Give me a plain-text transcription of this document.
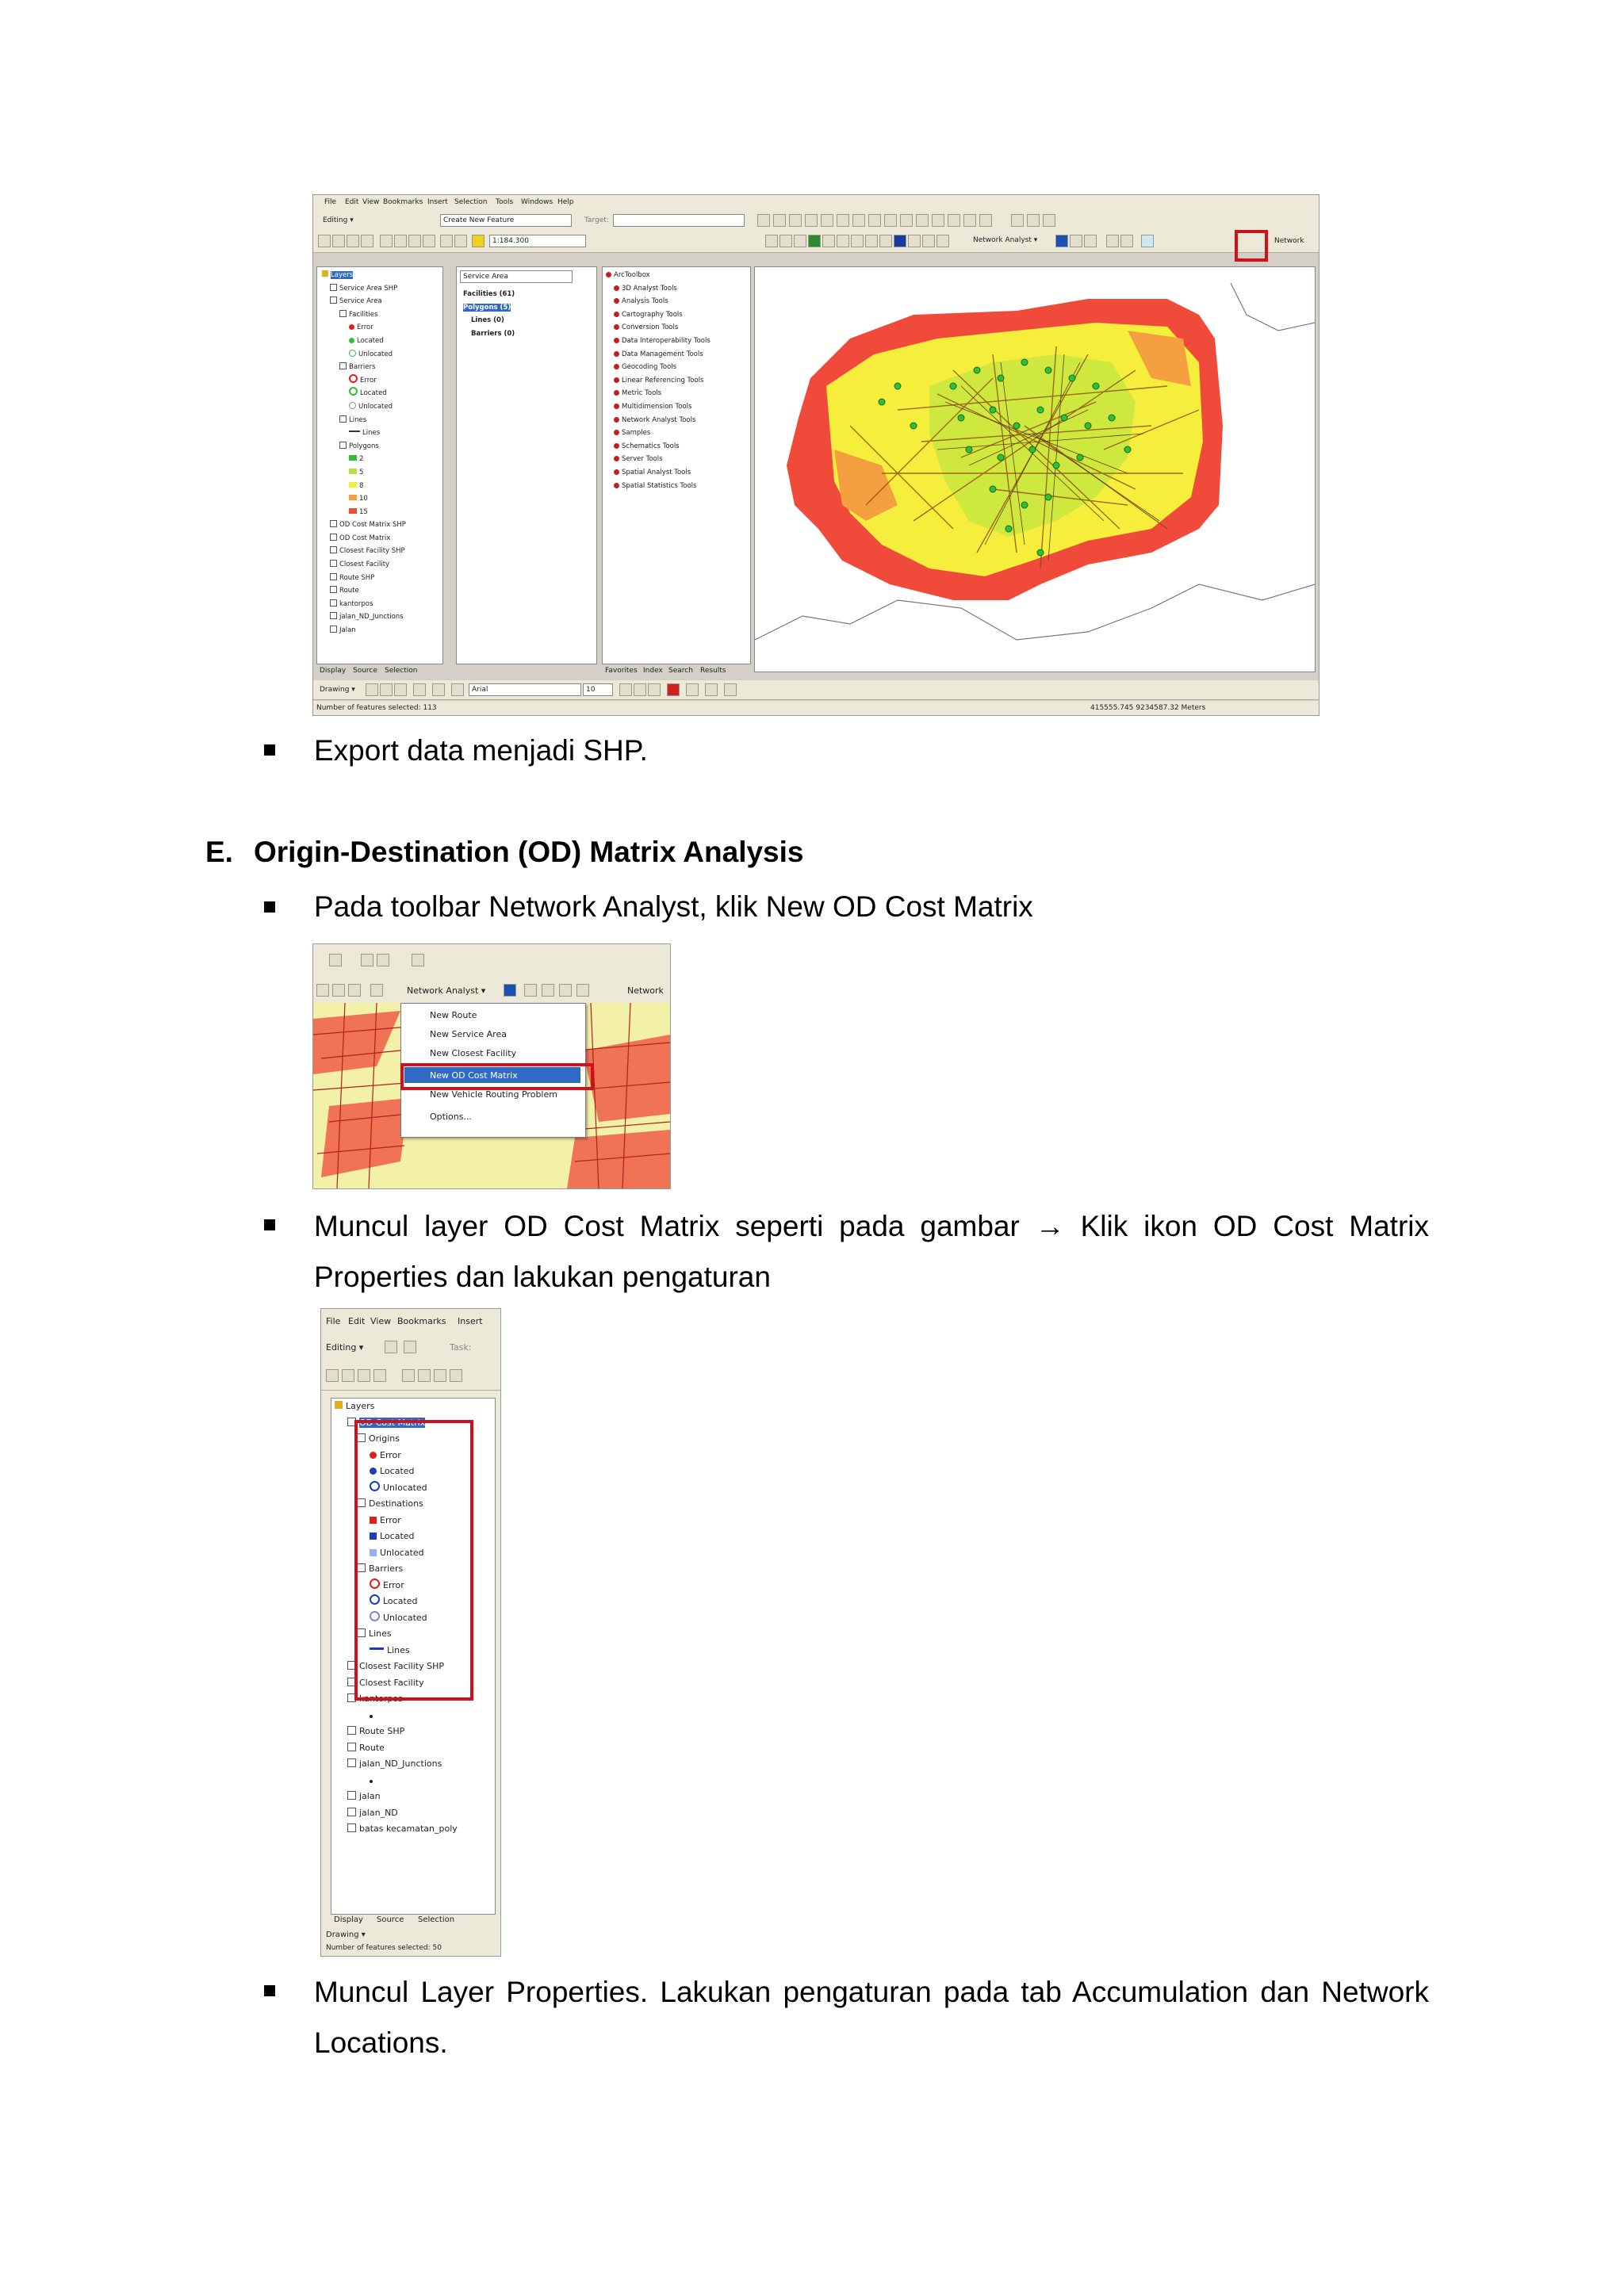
File Edit View Bookmarks Insert Selection Tools Windows Help
Editing ▾	Create New Feature	Target:
1:184.300	Network Analyst ▾	Network
Layers
Service Area SHP
Service Area
Facilities
Error
Located
Unlocated
Barriers
Error
Located
Unlocated
Lines
Lines
Polygons
2
5
8
10
15
OD Cost Matrix SHP
OD Cost Matrix
Closest Facility SHP
Closest Facility
Route SHP
Route
kantorpos
jalan_ND_Junctions
Jalan
Display Source Selection
Service Area
Facilities (61)
Polygons (5)
Lines (0)
Barriers (0)
ArcToolbox
3D Analyst Tools
Analysis Tools
Cartography Tools
Conversion Tools
Data Interoperability Tools
Data Management Tools
Geocoding Tools
Linear Referencing Tools
Metric Tools
Multidimension Tools
Network Analyst Tools
Samples
Schematics Tools
Server Tools
Spatial Analyst Tools
Spatial Statistics Tools
Favorites Index Search Results
Drawing ▾	Arial	10
Number of features selected: 113	415555.745 9234587.32 Meters
Export data menjadi SHP.
E. Origin-Destination (OD) Matrix Analysis
Pada toolbar Network Analyst, klik New OD Cost Matrix
Network Analyst ▾	Network
New Route
New Service Area
New Closest Facility
New OD Cost Matrix
New Vehicle Routing Problem
Options...
Muncul layer OD Cost Matrix seperti pada gambar → Klik ikon OD Cost Matrix Properties dan lakukan pengaturan
File Edit View Bookmarks Insert
Editing ▾	Task:
Layers
OD Cost Matrix
Origins
Error
Located
Unlocated
Destinations
Error
Located
Unlocated
Barriers
Error
Located
Unlocated
Lines
Lines
Closest Facility SHP
Closest Facility
kantorpos
Route SHP
Route
jalan_ND_Junctions
jalan
jalan_ND
batas kecamatan_poly
Display Source Selection
Drawing ▾
Number of features selected: 50
Muncul Layer Properties. Lakukan pengaturan pada tab Accumulation dan Network Locations.
